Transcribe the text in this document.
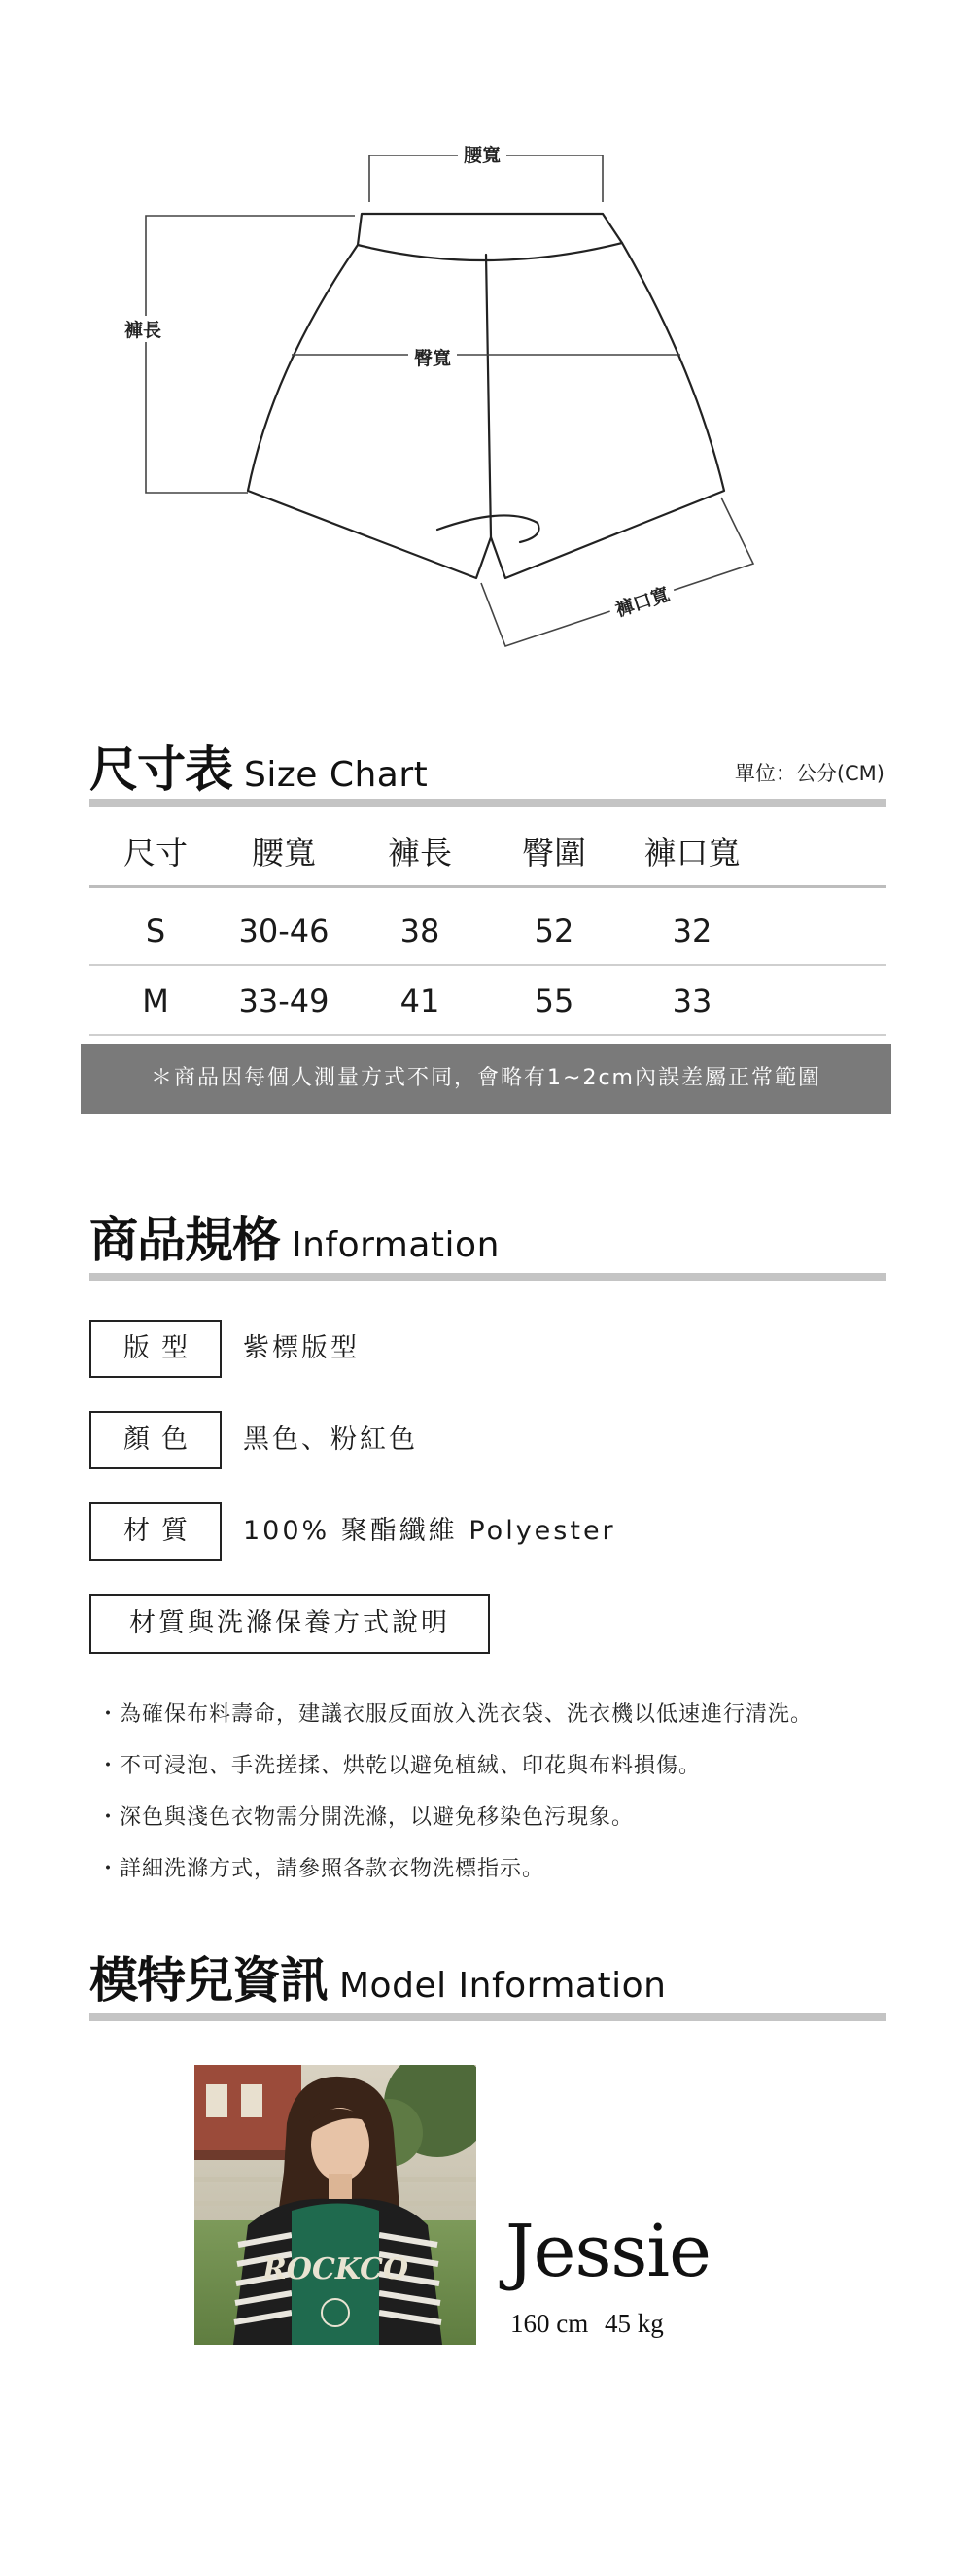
腰寬
褲長
臀寬
褲口寬
尺寸表 Size Chart	單位：公分(CM)
尺寸 腰寬 褲長 臀圍 褲口寬
S 30-46 38	52	32
M 33-49 41	55	33
＊商品因每個人測量方式不同，會略有1~2cm內誤差屬正常範圍
商品規格 Information
版型	紫標版型
顏色	黑色、粉紅色
材質	100% 聚酯纖維 Polyester
材質與洗滌保養方式說明
・為確保布料壽命，建議衣服反面放入洗衣袋、洗衣機以低速進行清洗。
・不可浸泡、手洗搓揉、烘乾以避免植絨、印花與布料損傷。
・深色與淺色衣物需分開洗滌，以避免移染色污現象。
・詳細洗滌方式，請參照各款衣物洗標指示。
模特兒資訊 Model Information
ROCKCO Jessie
160 cm 45 kg
